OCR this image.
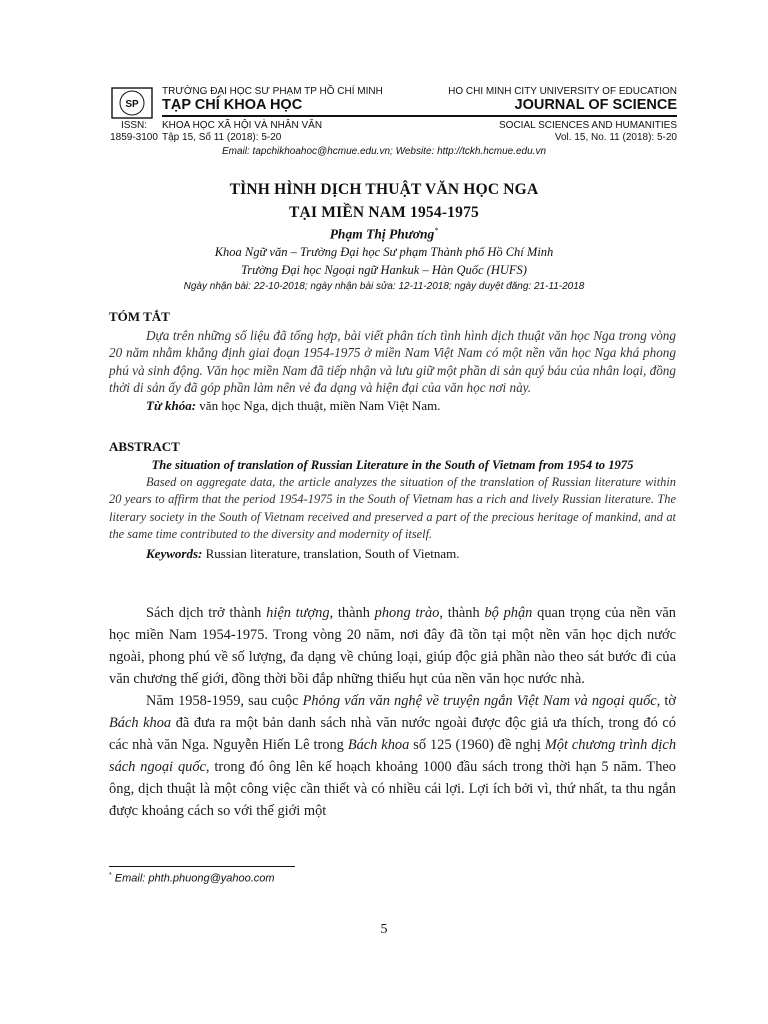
SP
ISSN:
1859-3100
TRƯỜNG ĐẠI HỌC SƯ PHẠM TP HỒ CHÍ MINH
TẠP CHÍ KHOA HỌC
KHOA HỌC XÃ HỘI VÀ NHÂN VĂN
Tập 15, Số 11 (2018): 5-20
HO CHI MINH CITY UNIVERSITY OF EDUCATION
JOURNAL OF SCIENCE
SOCIAL SCIENCES AND HUMANITIES
Vol. 15, No. 11 (2018): 5-20
Email: tapchikhoahoc@hcmue.edu.vn; Website: http://tckh.hcmue.edu.vn
TÌNH HÌNH DỊCH THUẬT VĂN HỌC NGA
TẠI MIỀN NAM 1954-1975
Phạm Thị Phương*
Khoa Ngữ văn – Trường Đại học Sư phạm Thành phố Hồ Chí Minh
Trường Đại học Ngoại ngữ Hankuk – Hàn Quốc (HUFS)
Ngày nhận bài: 22-10-2018; ngày nhận bài sửa: 12-11-2018; ngày duyệt đăng: 21-11-2018
TÓM TẮT

Dựa trên những số liệu đã tổng hợp, bài viết phân tích tình hình dịch thuật văn học Nga trong vòng 20 năm nhằm khẳng định giai đoạn 1954-1975 ở miền Nam Việt Nam có một nền văn học Nga khá phong phú và sinh động. Văn học miền Nam đã tiếp nhận và lưu giữ một phần di sản quý báu của nhân loại, đồng thời di sản ấy đã góp phần làm nên vẻ đa dạng và hiện đại của văn học nơi này.

Từ khóa: văn học Nga, dịch thuật, miền Nam Việt Nam.

ABSTRACT
The situation of translation of Russian Literature in the South of Vietnam from 1954 to 1975

Based on aggregate data, the article analyzes the situation of the translation of Russian literature within 20 years to affirm that the period 1954-1975 in the South of Vietnam has a rich and lively Russian literature. The literary society in the South of Vietnam received and preserved a part of the precious heritage of mankind, and at the same time contributed to the diversity and modernity of itself.

Keywords: Russian literature, translation, South of Vietnam.

Sách dịch trở thành hiện tượng, thành phong trào, thành bộ phận quan trọng của nền văn học miền Nam 1954-1975. Trong vòng 20 năm, nơi đây đã tồn tại một nền văn học dịch nước ngoài, phong phú về số lượng, đa dạng về chủng loại, giúp độc giả phần nào theo sát bước đi của văn chương thế giới, đồng thời bồi đắp những thiếu hụt của nền văn học nước nhà.

Năm 1958-1959, sau cuộc Phỏng vấn văn nghệ về truyện ngắn Việt Nam và ngoại quốc, tờ Bách khoa đã đưa ra một bản danh sách nhà văn nước ngoài được độc giả ưa thích, trong đó có các nhà văn Nga. Nguyễn Hiến Lê trong Bách khoa số 125 (1960) đề nghị Một chương trình dịch sách ngoại quốc, trong đó ông lên kế hoạch khoảng 1000 đầu sách trong thời hạn 5 năm. Theo ông, dịch thuật là một công việc cần thiết và có nhiều cái lợi. Lợi ích bởi vì, thứ nhất, ta thu ngắn được khoảng cách so với thế giới một

* Email: phth.phuong@yahoo.com
5
